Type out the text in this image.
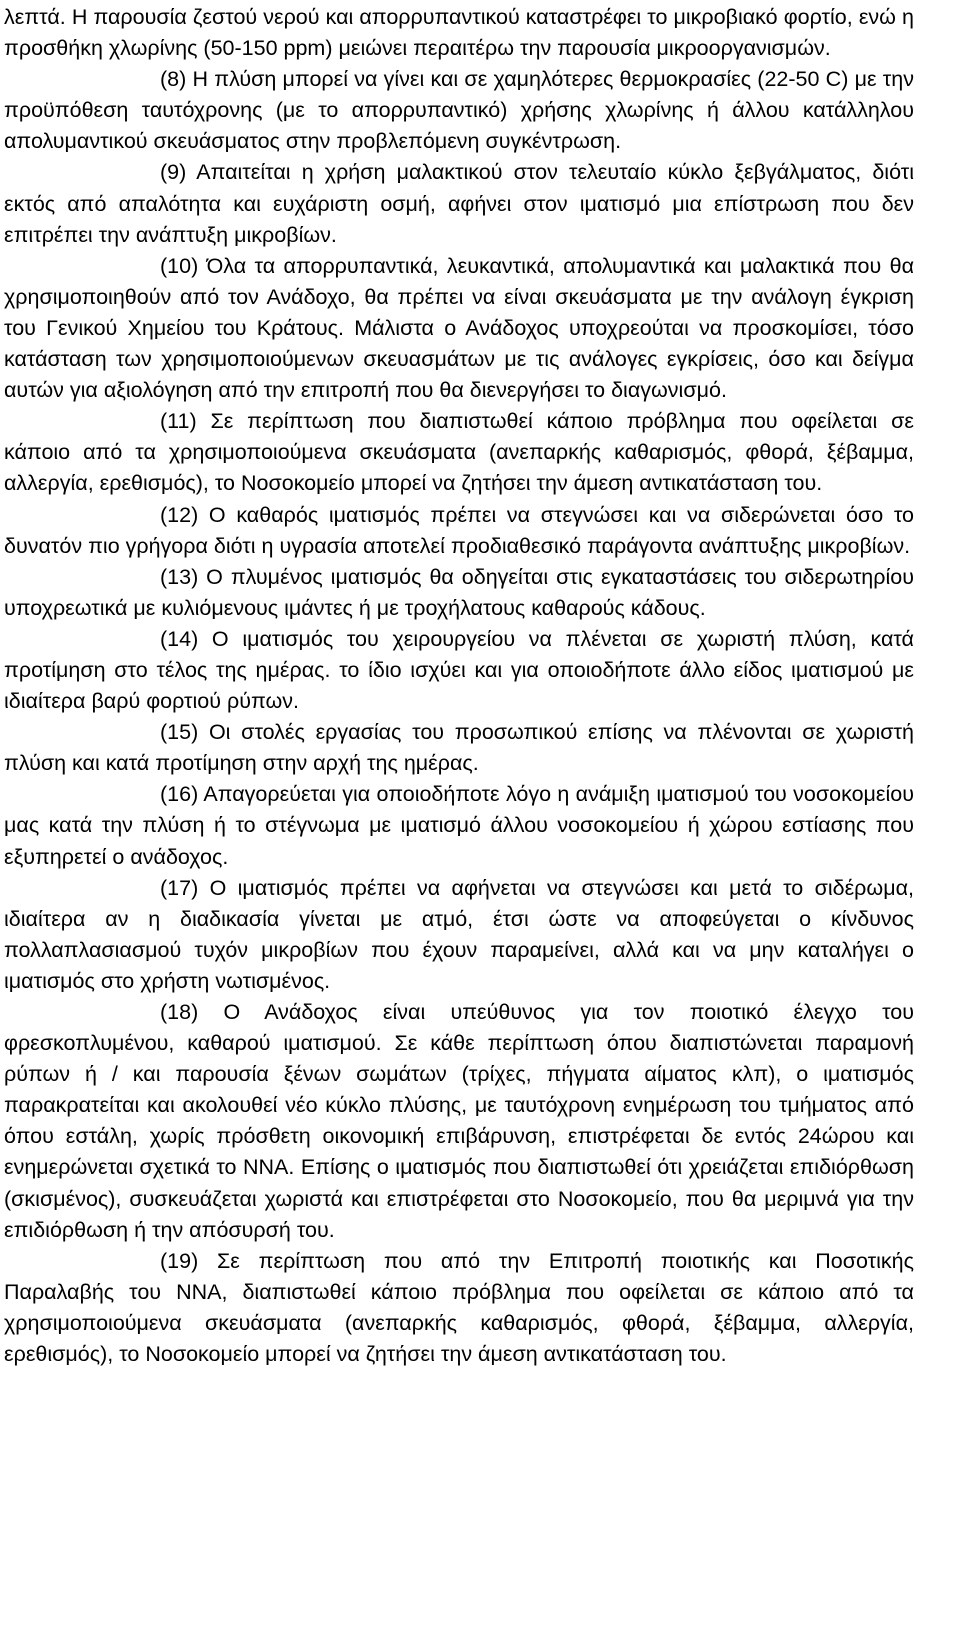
λεπτά. Η παρουσία ζεστού νερού και απορρυπαντικού καταστρέφει το μικροβιακό φορτίο, ενώ η προσθήκη χλωρίνης (50-150 ppm) μειώνει περαιτέρω την παρουσία μικροοργανισμών.

(8) Η πλύση μπορεί να γίνει και σε χαμηλότερες θερμοκρασίες (22-50 C) με την προϋπόθεση ταυτόχρονης (με το απορρυπαντικό) χρήσης χλωρίνης ή άλλου κατάλληλου απολυμαντικού σκευάσματος στην προβλεπόμενη συγκέντρωση.

(9) Απαιτείται η χρήση μαλακτικού στον τελευταίο κύκλο ξεβγάλματος, διότι εκτός από απαλότητα και ευχάριστη οσμή, αφήνει στον ιματισμό μια επίστρωση που δεν επιτρέπει την ανάπτυξη μικροβίων.

(10) Όλα τα απορρυπαντικά, λευκαντικά, απολυμαντικά και μαλακτικά που θα χρησιμοποιηθούν από τον Ανάδοχο, θα πρέπει να είναι σκευάσματα με την ανάλογη έγκριση του Γενικού Χημείου του Κράτους. Μάλιστα ο Ανάδοχος υποχρεούται να προσκομίσει, τόσο κατάσταση των χρησιμοποιούμενων σκευασμάτων με τις ανάλογες εγκρίσεις, όσο και δείγμα αυτών για αξιολόγηση από την επιτροπή που θα διενεργήσει το διαγωνισμό.

(11) Σε περίπτωση που διαπιστωθεί κάποιο πρόβλημα που οφείλεται σε κάποιο από τα χρησιμοποιούμενα σκευάσματα (ανεπαρκής καθαρισμός, φθορά, ξέβαμμα, αλλεργία, ερεθισμός), το Νοσοκομείο μπορεί να ζητήσει την άμεση αντικατάσταση του.

(12) Ο καθαρός ιματισμός πρέπει να στεγνώσει και να σιδερώνεται όσο το δυνατόν πιο γρήγορα διότι η υγρασία αποτελεί προδιαθεσικό παράγοντα ανάπτυξης μικροβίων.

(13) Ο πλυμένος ιματισμός θα οδηγείται στις εγκαταστάσεις του σιδερωτηρίου υποχρεωτικά με κυλιόμενους ιμάντες ή με τροχήλατους καθαρούς κάδους.

(14) Ο ιματισμός του χειρουργείου να πλένεται σε χωριστή πλύση, κατά προτίμηση στο τέλος της ημέρας. το ίδιο ισχύει και για οποιοδήποτε άλλο είδος ιματισμού με ιδιαίτερα βαρύ φορτιού ρύπων.

(15) Οι στολές εργασίας του προσωπικού επίσης να πλένονται σε χωριστή πλύση και κατά προτίμηση στην αρχή της ημέρας.

(16) Απαγορεύεται για οποιοδήποτε λόγο η ανάμιξη ιματισμού του νοσοκομείου μας κατά την πλύση ή το στέγνωμα με ιματισμό άλλου νοσοκομείου ή χώρου εστίασης που εξυπηρετεί ο ανάδοχος.

(17) Ο ιματισμός πρέπει να αφήνεται να στεγνώσει και μετά το σιδέρωμα, ιδιαίτερα αν η διαδικασία γίνεται με ατμό, έτσι ώστε να αποφεύγεται ο κίνδυνος πολλαπλασιασμού τυχόν μικροβίων που έχουν παραμείνει, αλλά και να μην καταλήγει ο ιματισμός στο χρήστη νωτισμένος.

(18) Ο Ανάδοχος είναι υπεύθυνος για τον ποιοτικό έλεγχο του φρεσκοπλυμένου, καθαρού ιματισμού. Σε κάθε περίπτωση όπου διαπιστώνεται παραμονή ρύπων ή / και παρουσία ξένων σωμάτων (τρίχες, πήγματα αίματος κλπ), ο ιματισμός παρακρατείται και ακολουθεί νέο κύκλο πλύσης, με ταυτόχρονη ενημέρωση του τμήματος από όπου εστάλη, χωρίς πρόσθετη οικονομική επιβάρυνση, επιστρέφεται δε εντός 24ώρου και ενημερώνεται σχετικά το ΝΝΑ. Επίσης ο ιματισμός που διαπιστωθεί ότι χρειάζεται επιδιόρθωση (σκισμένος), συσκευάζεται χωριστά και επιστρέφεται στο Νοσοκομείο, που θα μεριμνά για την επιδιόρθωση ή την απόσυρσή του.

(19) Σε περίπτωση που από την Επιτροπή ποιοτικής και Ποσοτικής Παραλαβής του ΝΝΑ, διαπιστωθεί κάποιο πρόβλημα που οφείλεται σε κάποιο από τα χρησιμοποιούμενα σκευάσματα (ανεπαρκής καθαρισμός, φθορά, ξέβαμμα, αλλεργία, ερεθισμός), το Νοσοκομείο μπορεί να ζητήσει την άμεση αντικατάσταση του.
